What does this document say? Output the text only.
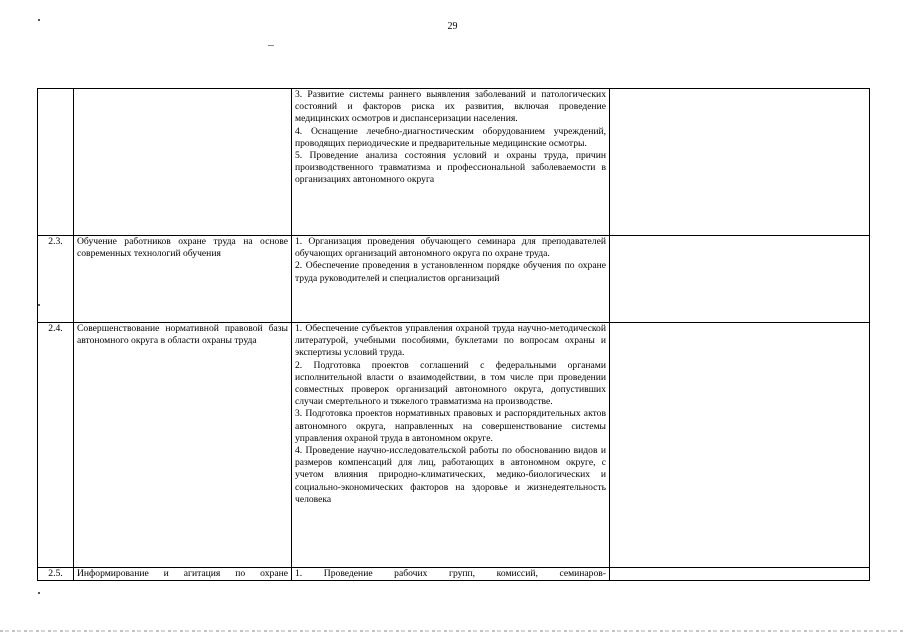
29

		3. Развитие системы раннего выявления заболеваний и патологических состояний и факторов риска их развития, включая проведение медицинских осмотров и диспансеризации населения.
4. Оснащение лечебно-диагностическим оборудованием учреждений, проводящих периодические и предварительные медицинские осмотры.
5. Проведение анализа состояния условий и охраны труда, причин производственного травматизма и профессиональной заболеваемости в организациях автономного округа	

2.3.	Обучение работников охране труда на основе современных технологий обучения	1. Организация проведения обучающего семинара для преподавателей обучающих организаций автономного округа по охране труда.
2. Обеспечение проведения в установленном порядке обучения по охране труда руководителей и специалистов организаций	

2.4.	Совершенствование нормативной правовой базы автономного округа в области охраны труда	1. Обеспечение субъектов управления охраной труда научно-методической литературой, учебными пособиями, буклетами по вопросам охраны и экспертизы условий труда.
2. Подготовка проектов соглашений с федеральными органами исполнительной власти о взаимодействии, в том числе при проведении совместных проверок организаций автономного округа, допустивших случаи смертельного и тяжелого травматизма на производстве.
3. Подготовка проектов нормативных правовых и распорядительных актов автономного округа, направленных на совершенствование системы управления охраной труда в автономном округе.
4. Проведение научно-исследовательской работы по обоснованию видов и размеров компенсаций для лиц, работающих в автономном округе, с учетом влияния природно-климатических, медико-биологических и социально-экономических факторов на здоровье и жизнедеятельность человека	

2.5.	Информирование и агитация по охране	1. Проведение рабочих групп, комиссий, семинаров-	
